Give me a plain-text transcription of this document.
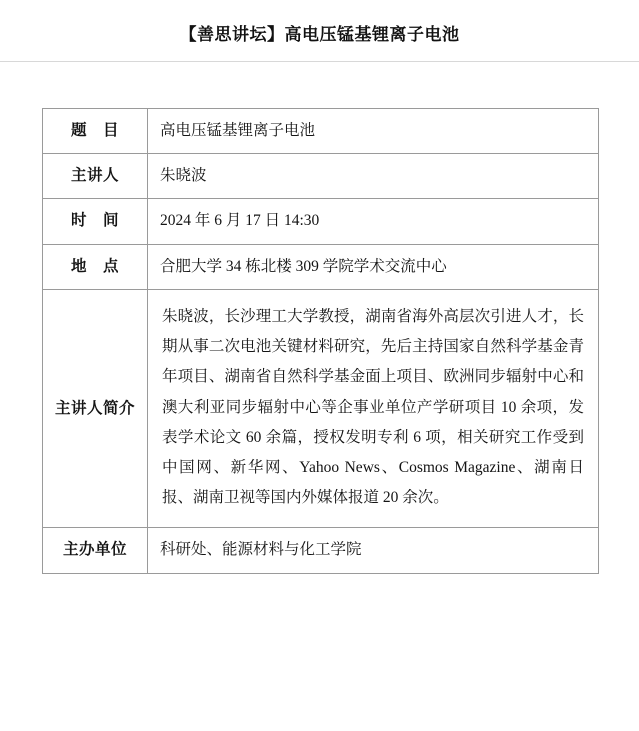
【善思讲坛】高电压锰基锂离子电池
题　目	高电压锰基锂离子电池
主讲人	朱晓波
时　间	2024 年 6 月 17 日 14:30
地　点	合肥大学 34 栋北楼 309 学院学术交流中心
主讲人简介	朱晓波，长沙理工大学教授，湖南省海外高层次引进人才，长期从事二次电池关键材料研究，先后主持国家自然科学基金青年项目、湖南省自然科学基金面上项目、欧洲同步辐射中心和澳大利亚同步辐射中心等企事业单位产学研项目 10 余项，发表学术论文 60 余篇，授权发明专利 6 项，相关研究工作受到中国网、新华网、Yahoo News、Cosmos Magazine、湖南日报、湖南卫视等国内外媒体报道 20 余次。
主办单位	科研处、能源材料与化工学院
